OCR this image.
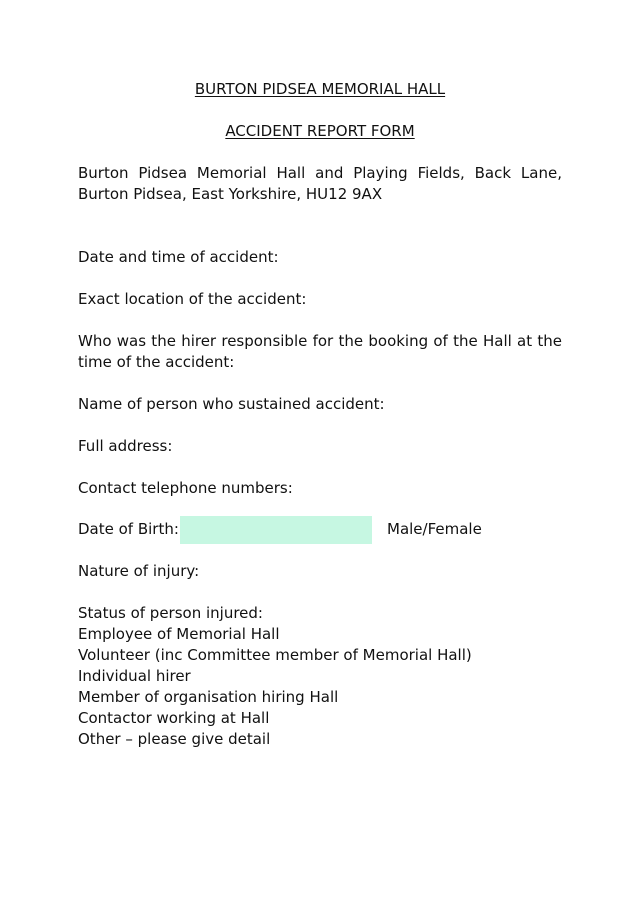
BURTON PIDSEA MEMORIAL HALL
ACCIDENT REPORT FORM
Burton Pidsea Memorial Hall and Playing Fields, Back Lane, Burton Pidsea, East Yorkshire, HU12 9AX
Date and time of accident:
Exact location of the accident:
Who was the hirer responsible for the booking of the Hall at the time of the accident:
Name of person who sustained accident:
Full address:
Contact telephone numbers:
Date of Birth:	Male/Female
Nature of injury:
Status of person injured:
Employee of Memorial Hall
Volunteer (inc Committee member of Memorial Hall)
Individual hirer
Member of organisation hiring Hall
Contactor working at Hall
Other – please give detail
